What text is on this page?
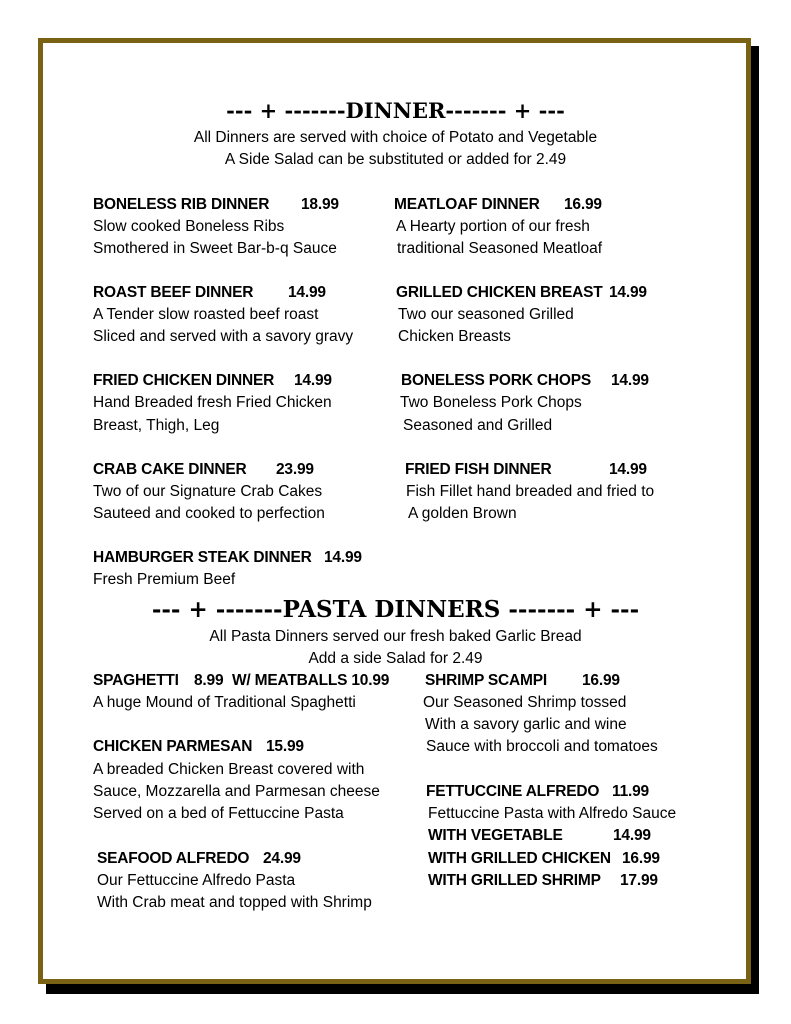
--- + -------DINNER------- + ---
All Dinners are served with choice of Potato and Vegetable
A Side Salad can be substituted or added for 2.49
BONELESS RIB DINNER 18.99
Slow cooked Boneless Ribs
Smothered in Sweet Bar-b-q Sauce
MEATLOAF DINNER 16.99
A Hearty portion of our fresh
traditional Seasoned Meatloaf
ROAST BEEF DINNER 14.99
A Tender slow roasted beef roast
Sliced and served with a savory gravy
GRILLED CHICKEN BREAST 14.99
Two our seasoned Grilled
Chicken Breasts
FRIED CHICKEN DINNER 14.99
Hand Breaded fresh Fried Chicken
Breast, Thigh, Leg
BONELESS PORK CHOPS 14.99
Two Boneless Pork Chops
Seasoned and Grilled
CRAB CAKE DINNER 23.99
Two of our Signature Crab Cakes
Sauteed and cooked to perfection
FRIED FISH DINNER	14.99
Fish Fillet hand breaded and fried to
A golden Brown
HAMBURGER STEAK DINNER 14.99
Fresh Premium Beef
--- + -------PASTA DINNERS ------- + ---
All Pasta Dinners served our fresh baked Garlic Bread
Add a side Salad for 2.49
SPAGHETTI 8.99 W/ MEATBALLS 10.99
A huge Mound of Traditional Spaghetti
SHRIMP SCAMPI 16.99
Our Seasoned Shrimp tossed
With a savory garlic and wine
Sauce with broccoli and tomatoes
CHICKEN PARMESAN 15.99
A breaded Chicken Breast covered with
Sauce, Mozzarella and Parmesan cheese
Served on a bed of Fettuccine Pasta
FETTUCCINE ALFREDO 11.99
Fettuccine Pasta with Alfredo Sauce
WITH VEGETABLE	14.99
WITH GRILLED CHICKEN 16.99
WITH GRILLED SHRIMP 17.99
SEAFOOD ALFREDO 24.99
Our Fettuccine Alfredo Pasta
With Crab meat and topped with Shrimp
